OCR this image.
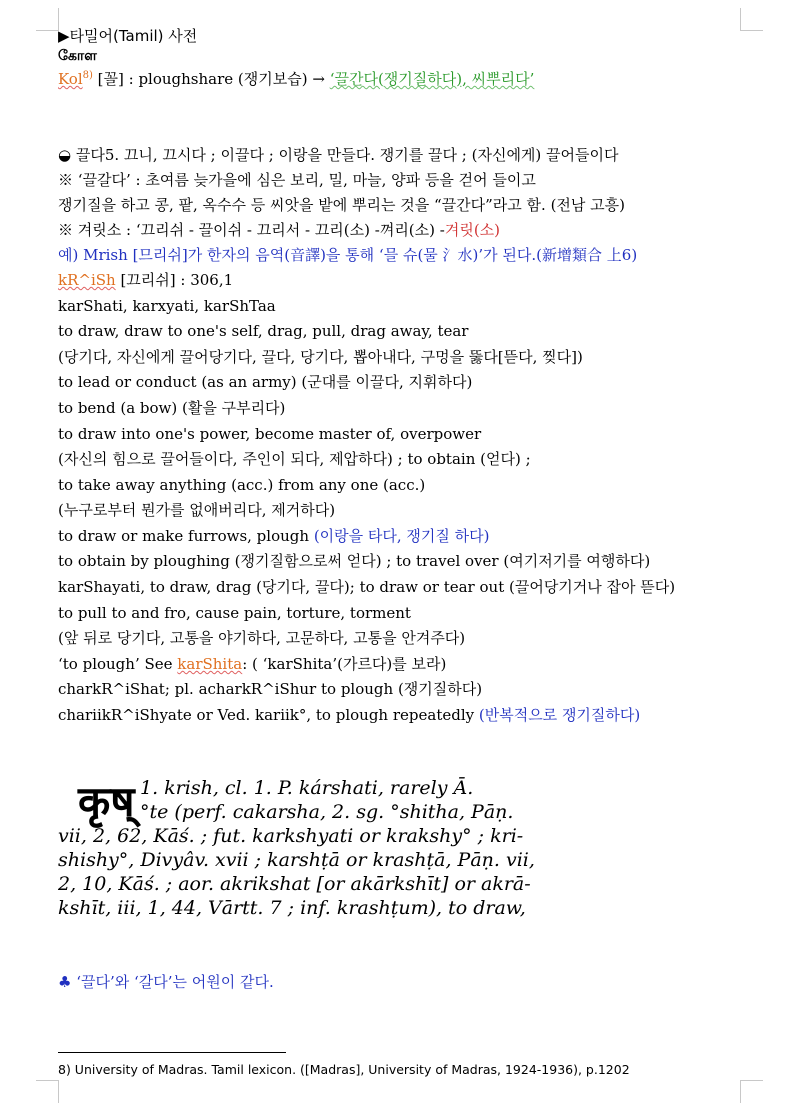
▶타밀어(Tamil) 사전
கோள
Kol$^{8)}$ [꼴] : ploughshare (쟁기보습) → ‘끌간다(쟁기질하다), 씨뿌리다’
◒ 끌다5. 끄니, 끄시다 ; 이끌다 ; 이랑을 만들다. 쟁기를 끌다 ; (자신에게) 끌어들이다
※ ‘끌갈다’ : 초여름 늦가을에 심은 보리, 밀, 마늘, 양파 등을 걷어 들이고
쟁기질을 하고 콩, 팥, 옥수수 등 씨앗을 밭에 뿌리는 것을 “끌간다”라고 함. (전남 고흥)
※ 겨릿소 : ‘끄리쉬 - 끌이쉬 - 끄리서 - 끄리(소) -껴리(소) -겨릿(소)
예) Mrish [므리쉬]가 한자의 음역(音譯)을 통해 ‘믈 슈(물 氵水)’가 된다.(新增類合 上6)
kR^iSh [끄리쉬] : 306,1
karShati, karxyati, karShTaa
to draw, draw to one's self, drag, pull, drag away, tear
(당기다, 자신에게 끌어당기다, 끌다, 당기다, 뽑아내다, 구멍을 뚫다[뜯다, 찢다])
to lead or conduct (as an army) (군대를 이끌다, 지휘하다)
to bend (a bow) (활을 구부리다)
to draw into one's power, become master of, overpower
(자신의 힘으로 끌어들이다, 주인이 되다, 제압하다) ; to obtain (얻다) ;
to take away anything (acc.) from any one (acc.)
(누구로부터 뭔가를 없애버리다, 제거하다)
to draw or make furrows, plough (이랑을 타다, 쟁기질 하다)
to obtain by ploughing (쟁기질함으로써 얻다) ; to travel over (여기저기를 여행하다)
karShayati, to draw, drag (당기다, 끌다); to draw or tear out (끌어당기거나 잡아 뜯다)
to pull to and fro, cause pain, torture, torment
(앞 뒤로 당기다, 고통을 야기하다, 고문하다, 고통을 안겨주다)
‘to plough’ See karShita: ( ‘karShita’(가르다)를 보라)
charkR^iShat; pl. acharkR^iShur to plough (쟁기질하다)
chariikR^iShyate or Ved. kariik°, to plough repeatedly (반복적으로 쟁기질하다)
कृष् 1. krish, cl. 1. P. kárshati, rarely Ā.
°te (perf. cakarsha, 2. sg. °shitha, Pāṇ.
vii, 2, 62, Kāś. ; fut. karkshyati or krakshy° ; kri-
shishy°, Divyâv. xvii ; karshṭā or krashṭā, Pāṇ. vii,
2, 10, Kāś. ; aor. akrikshat [or akārkshīt] or akrā-
kshīt, iii, 1, 44, Vārtt. 7 ; inf. krashṭum), to draw,
♣ ‘끌다’와 ‘갈다’는 어원이 같다.
8) University of Madras. Tamil lexicon. ([Madras], University of Madras, 1924-1936), p.1202
